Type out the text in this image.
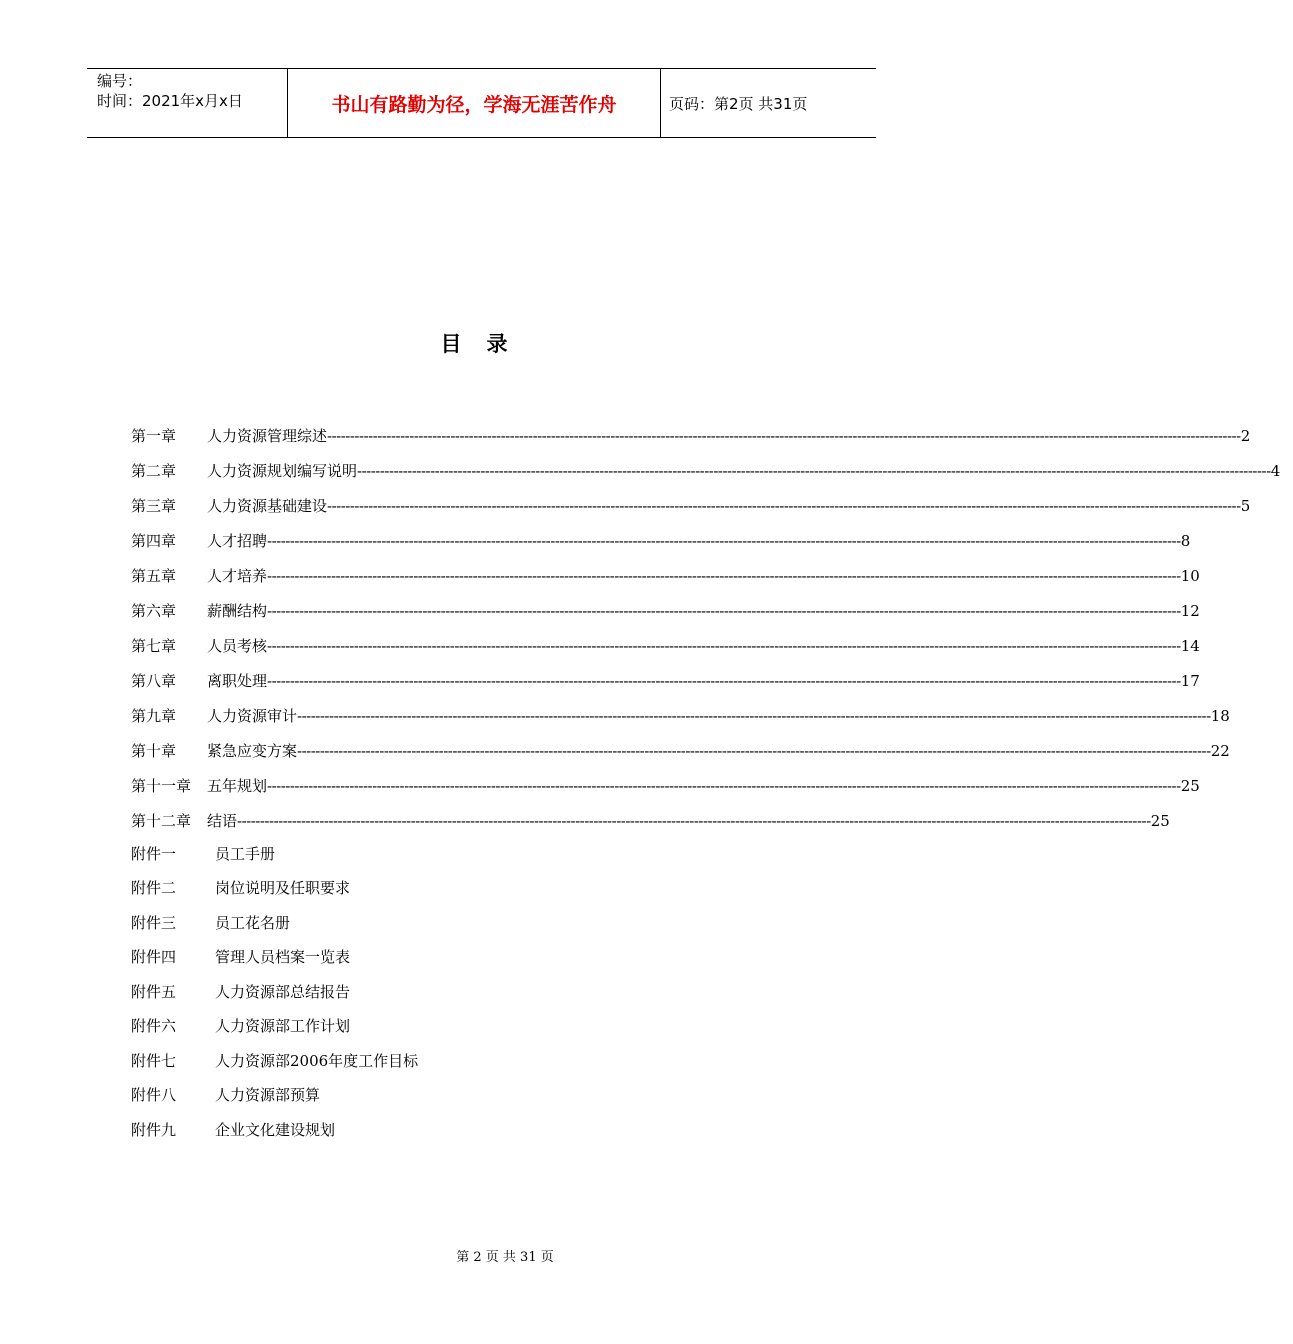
编号：
时间：2021年x月x日	书山有路勤为径，学海无涯苦作舟	页码：第2页 共31页
目　录
第一章	人力资源管理综述 -------------------------------------------------------------------------------------------------------------------------------------------------------------------------------------------------------- 2
第二章	人力资源规划编写说明 -------------------------------------------------------------------------------------------------------------------------------------------------------------------------------------------------------- 4
第三章	人力资源基础建设 -------------------------------------------------------------------------------------------------------------------------------------------------------------------------------------------------------- 5
第四章	人才招聘 -------------------------------------------------------------------------------------------------------------------------------------------------------------------------------------------------------- 8
第五章	人才培养 -------------------------------------------------------------------------------------------------------------------------------------------------------------------------------------------------------- 10
第六章	薪酬结构 -------------------------------------------------------------------------------------------------------------------------------------------------------------------------------------------------------- 12
第七章	人员考核 -------------------------------------------------------------------------------------------------------------------------------------------------------------------------------------------------------- 14
第八章	离职处理 -------------------------------------------------------------------------------------------------------------------------------------------------------------------------------------------------------- 17
第九章	人力资源审计 -------------------------------------------------------------------------------------------------------------------------------------------------------------------------------------------------------- 18
第十章	紧急应变方案 -------------------------------------------------------------------------------------------------------------------------------------------------------------------------------------------------------- 22
第十一章	五年规划 -------------------------------------------------------------------------------------------------------------------------------------------------------------------------------------------------------- 25
第十二章	结语 -------------------------------------------------------------------------------------------------------------------------------------------------------------------------------------------------------- 25
附件一	员工手册
附件二	岗位说明及任职要求
附件三	员工花名册
附件四	管理人员档案一览表
附件五	人力资源部总结报告
附件六	人力资源部工作计划
附件七	人力资源部2006年度工作目标
附件八	人力资源部预算
附件九	企业文化建设规划
第 2 页 共 31 页
